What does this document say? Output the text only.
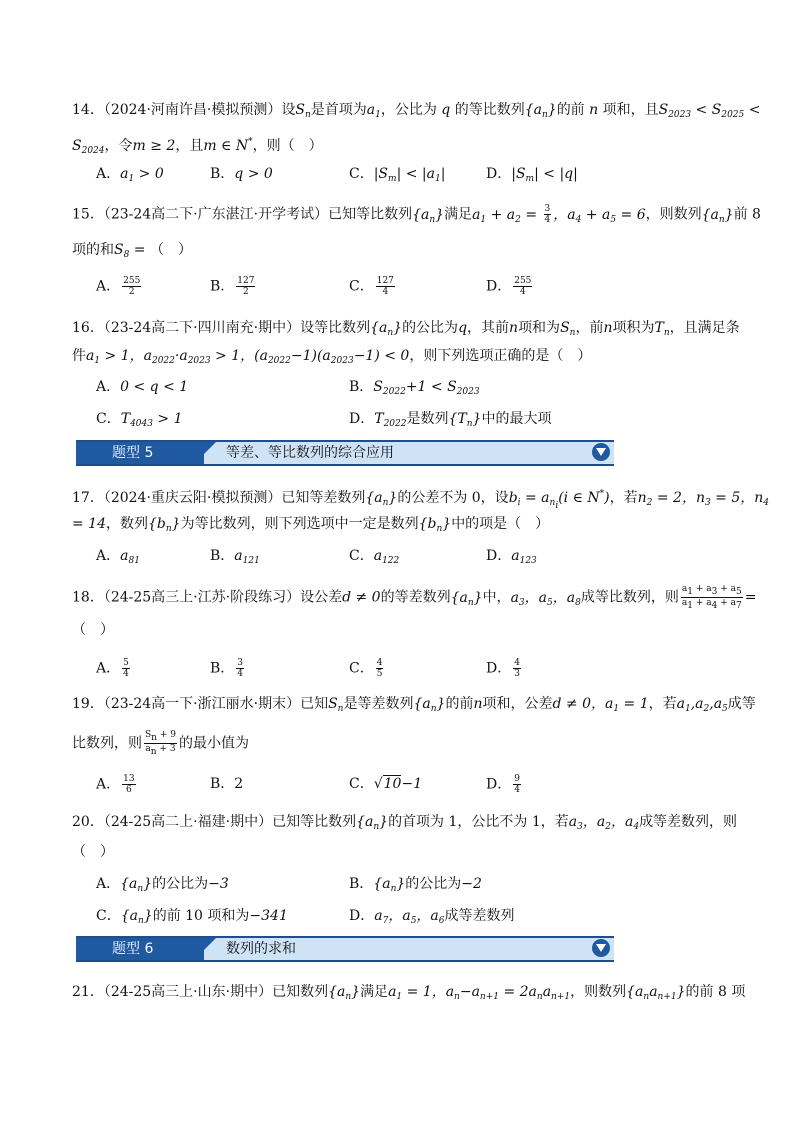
14．（2024·河南许昌·模拟预测）设$S_n$是首项为$a_1$，公比为 q 的等比数列$\{a_n\}$的前 n 项和，且$S_{2023} < S_{2025}$ <
$S_{2024}$，令m ≥ 2，且m ∈ N*，则（　）
A．$a_1 > 0$	B．q > 0	C．$|S_m| < |a_1|$	D．$|S_m| < |q|$
15．（23-24高二下·广东湛江·开学考试）已知等比数列$\{a_n\}$满足$a_1 + a_2 = \frac{3}{4}$ ，$a_4 + a_5 = 6$，则数列$\{a_n\}$前 8
项的和$S_8$ = （　）
A． $\frac{255}{2}$	B． $\frac{127}{2}$	C． $\frac{127}{4}$	D． $\frac{255}{4}$
16．（23-24高二下·四川南充·期中）设等比数列$\{a_n\}$的公比为q，其前n项和为$S_n$，前n项积为$T_n$，且满足条
件$a_1 > 1$，$a_{2022}\cdot a_{2023} > 1$，$(a_{2022}-1)(a_{2023}-1) < 0$，则下列选项正确的是（　）
A．0 < q < 1	B．$S_{2022}+1 < S_{2023}$
C．$T_{4043} > 1$	D．$T_{2022}$是数列$\{T_n\}$中的最大项
题型 5	等差、等比数列的综合应用
17．（2024·重庆云阳·模拟预测）已知等差数列$\{a_n\}$的公差不为 0，设$b_i = a_{n_i}(i$ ∈ N*)，若$n_2 = 2$，$n_3 = 5$，$n_4$
= 14，数列$\{b_n\}$为等比数列，则下列选项中一定是数列$\{b_n\}$中的项是（　）
A．$a_{81}$	B．$a_{121}$	C．$a_{122}$	D．$a_{123}$
18．（24-25高三上·江苏·阶段练习）设公差d ≠ 0的等差数列$\{a_n\}$中，$a_3$，$a_5$，$a_8$成等比数列，则 $\frac{a_1 + a_3 + a_5}{a_1 + a_4 + a_7}$ =
（　）
A． $\frac{5}{4}$	B． $\frac{3}{4}$	C． $\frac{4}{5}$	D． $\frac{4}{3}$
19．（23-24高一下·浙江丽水·期末）已知$S_n$是等差数列$\{a_n\}$的前n项和，公差d ≠ 0，$a_1 = 1$，若$a_1,a_2,a_5$成等
比数列，则 $\frac{S_n + 9}{a_n + 3}$ 的最小值为
A． $\frac{13}{6}$	B．2	C．√10−1	D． $\frac{9}{4}$
20．（24-25高二上·福建·期中）已知等比数列$\{a_n\}$的首项为 1，公比不为 1，若$a_3$，$a_2$，$a_4$成等差数列，则
（　）
A．$\{a_n\}$的公比为−3	B．$\{a_n\}$的公比为−2
C．$\{a_n\}$的前 10 项和为−341	D．$a_7$，$a_5$，$a_6$成等差数列
题型 6	数列的求和
21．（24-25高三上·山东·期中）已知数列$\{a_n\}$满足$a_1 = 1$，$a_n-a_{n+1} = 2a_na_{n+1}$，则数列$\{a_na_{n+1}\}$的前 8 项
